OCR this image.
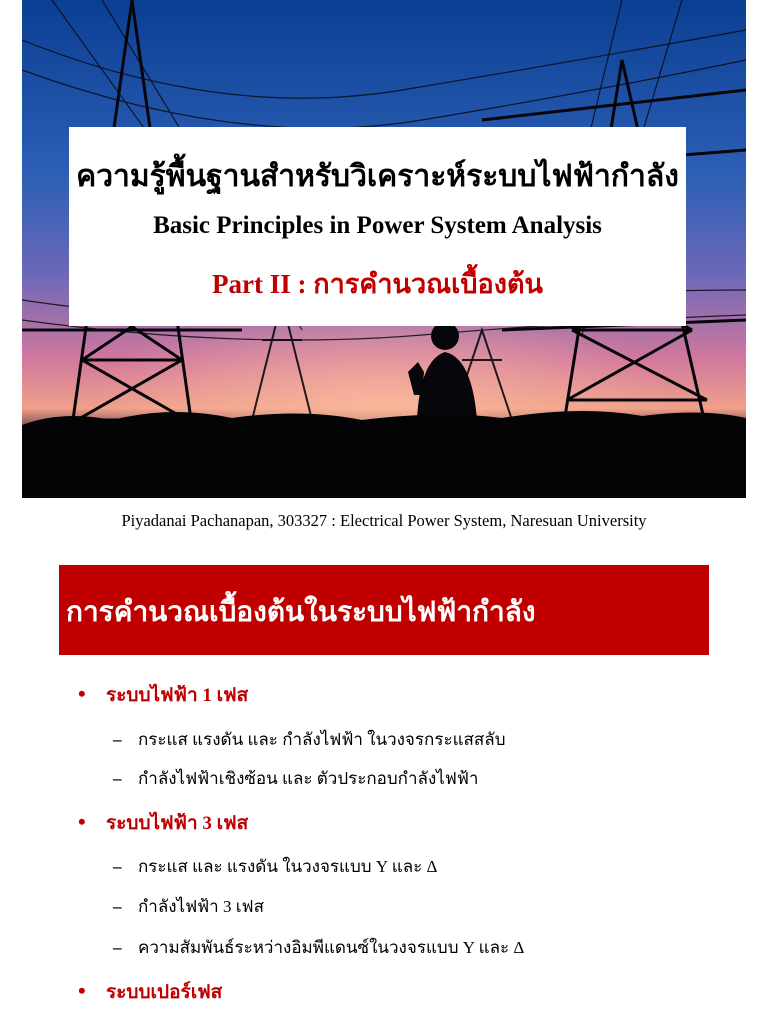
ความรู้พื้นฐานสำหรับวิเคราะห์ระบบไฟฟ้ากำลัง
Basic Principles in Power System Analysis
Part II : การคำนวณเบื้องต้น
Piyadanai Pachanapan, 303327 : Electrical Power System, Naresuan University
การคำนวณเบื้องต้นในระบบไฟฟ้ากำลัง
• ระบบไฟฟ้า 1 เฟส
– กระแส แรงดัน และ กำลังไฟฟ้า ในวงจรกระแสสลับ
– กำลังไฟฟ้าเชิงซ้อน และ ตัวประกอบกำลังไฟฟ้า
• ระบบไฟฟ้า 3 เฟส
– กระแส และ แรงดัน ในวงจรแบบ Y และ Δ
– กำลังไฟฟ้า 3 เฟส
– ความสัมพันธ์ระหว่างอิมพีแดนซ์ในวงจรแบบ Y และ Δ
• ระบบเปอร์เฟส
